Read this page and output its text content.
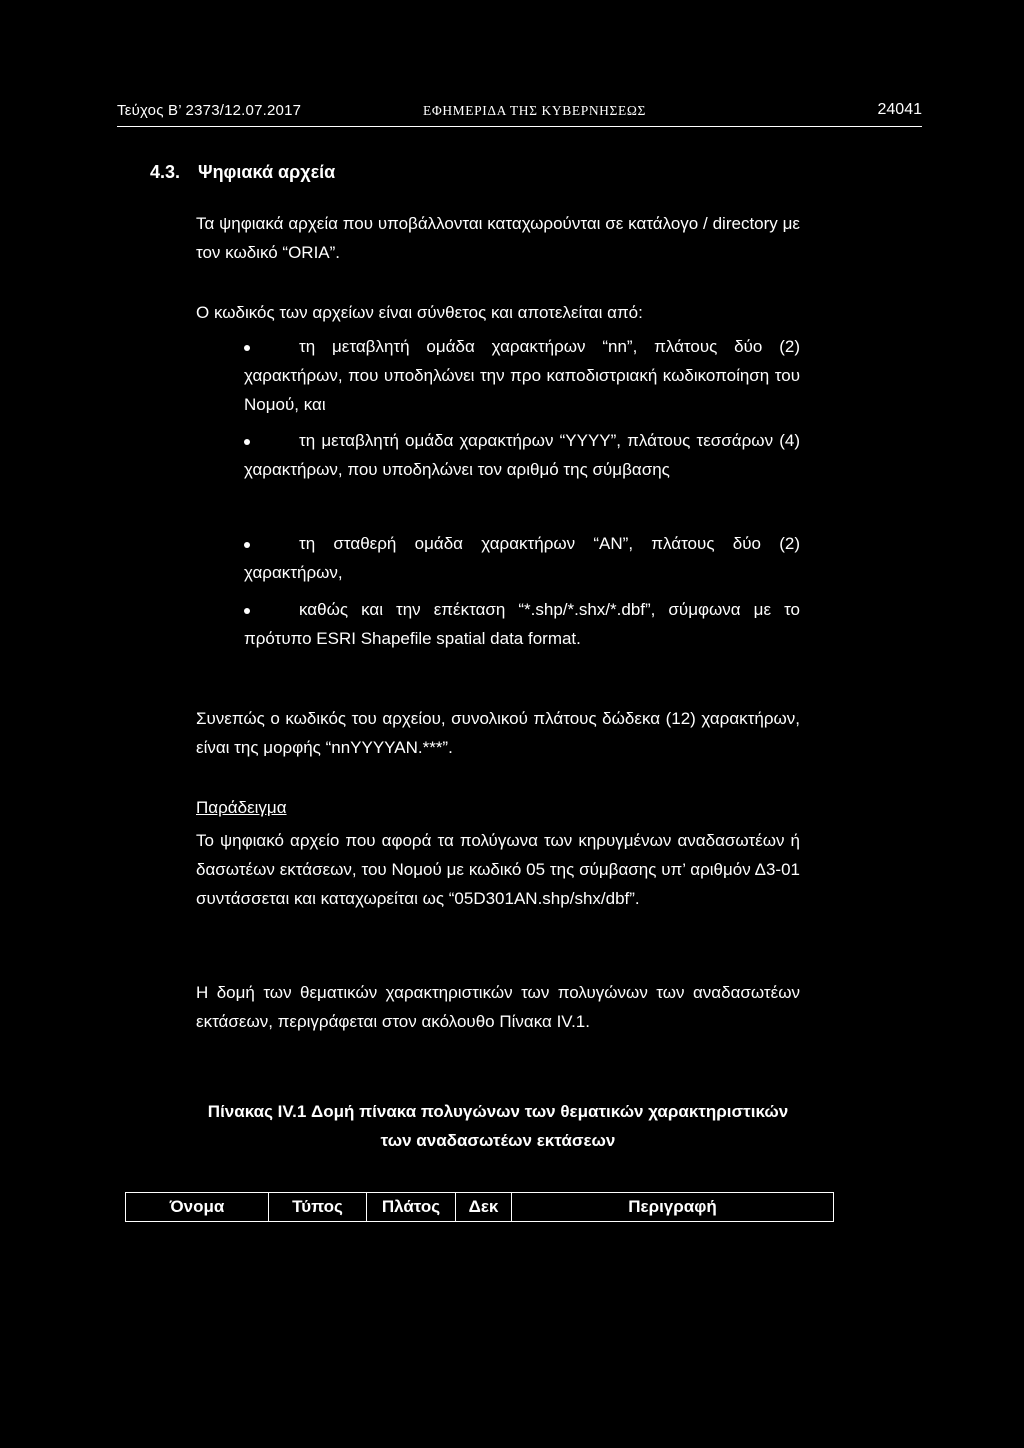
Τεύχος Β’ 2373/12.07.2017	ΕΦΗΜΕΡΙΔΑ ΤΗΣ ΚΥΒΕΡΝΗΣΕΩΣ	24041
4.3. Ψηφιακά αρχεία
Τα ψηφιακά αρχεία που υποβάλλονται καταχωρούνται σε κατάλογο / directory με τον κωδικό “ORIA”.
Ο κωδικός των αρχείων είναι σύνθετος και αποτελείται από:
τη μεταβλητή ομάδα χαρακτήρων “nn”, πλάτους δύο (2) χαρακτήρων, που υποδηλώνει την προ καποδιστριακή κωδικοποίηση του Νομού, και
τη μεταβλητή ομάδα χαρακτήρων “YYYY”, πλάτους τεσσάρων (4) χαρακτήρων, που υποδηλώνει τον αριθμό της σύμβασης
τη σταθερή ομάδα χαρακτήρων “AN”, πλάτους δύο (2) χαρακτήρων,
καθώς και την επέκταση “*.shp/*.shx/*.dbf”, σύμφωνα με το πρότυπο ESRI Shapefile spatial data format.
Συνεπώς ο κωδικός του αρχείου, συνολικού πλάτους δώδεκα (12) χαρακτήρων, είναι της μορφής “nnYYYYAN.***”.
Παράδειγμα
Το ψηφιακό αρχείο που αφορά τα πολύγωνα των κηρυγμένων αναδασωτέων ή δασωτέων εκτάσεων, του Νομού με κωδικό 05 της σύμβασης υπ’ αριθμόν Δ3-01 συντάσσεται και καταχωρείται ως “05D301AN.shp/shx/dbf”.
Η δομή των θεματικών χαρακτηριστικών των πολυγώνων των αναδασωτέων εκτάσεων, περιγράφεται στον ακόλουθο Πίνακα IV.1.
Πίνακας IV.1 Δομή πίνακα πολυγώνων των θεματικών χαρακτηριστικών των αναδασωτέων εκτάσεων
Όνομα	Τύπος	Πλάτος	Δεκ	Περιγραφή
